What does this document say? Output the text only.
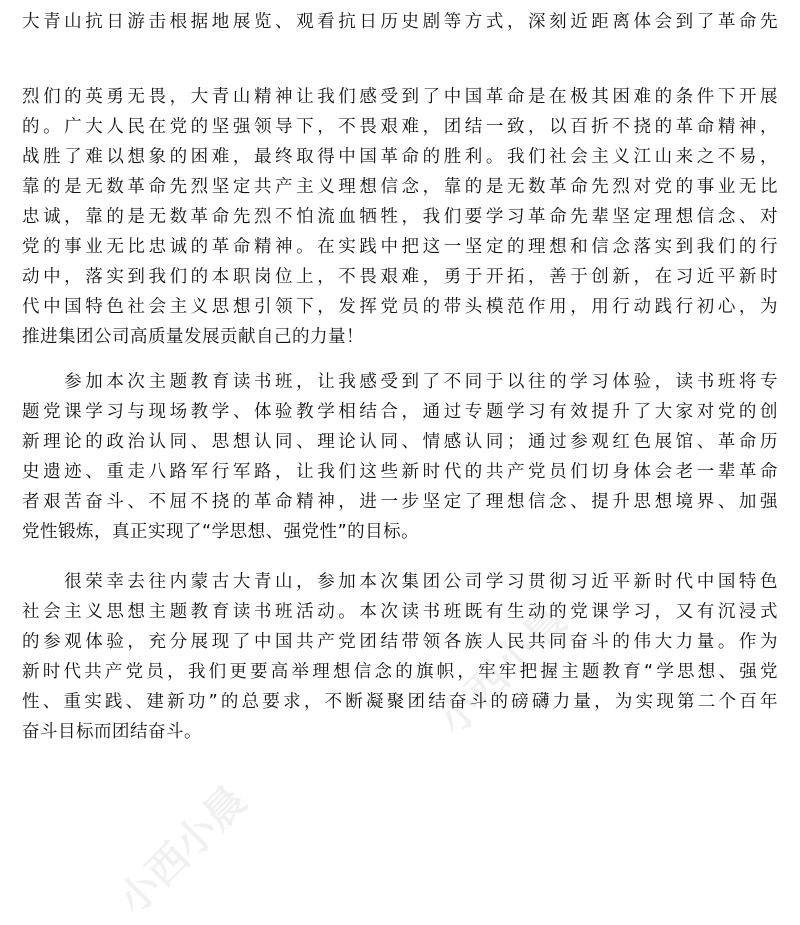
小西小晨
小西小晨
大青山抗日游击根据地展览、观看抗日历史剧等方式，深刻近距离体会到了革命先
烈们的英勇无畏，大青山精神让我们感受到了中国革命是在极其困难的条件下开展
的。广大人民在党的坚强领导下，不畏艰难，团结一致，以百折不挠的革命精神，
战胜了难以想象的困难，最终取得中国革命的胜利。我们社会主义江山来之不易，
靠的是无数革命先烈坚定共产主义理想信念，靠的是无数革命先烈对党的事业无比
忠诚，靠的是无数革命先烈不怕流血牺牲，我们要学习革命先辈坚定理想信念、对
党的事业无比忠诚的革命精神。在实践中把这一坚定的理想和信念落实到我们的行
动中，落实到我们的本职岗位上，不畏艰难，勇于开拓，善于创新，在习近平新时
代中国特色社会主义思想引领下，发挥党员的带头模范作用，用行动践行初心，为
推进集团公司高质量发展贡献自己的力量！
　　参加本次主题教育读书班，让我感受到了不同于以往的学习体验，读书班将专
题党课学习与现场教学、体验教学相结合，通过专题学习有效提升了大家对党的创
新理论的政治认同、思想认同、理论认同、情感认同；通过参观红色展馆、革命历
史遗迹、重走八路军行军路，让我们这些新时代的共产党员们切身体会老一辈革命
者艰苦奋斗、不屈不挠的革命精神，进一步坚定了理想信念、提升思想境界、加强
党性锻炼，真正实现了“学思想、强党性”的目标。
　　很荣幸去往内蒙古大青山，参加本次集团公司学习贯彻习近平新时代中国特色
社会主义思想主题教育读书班活动。本次读书班既有生动的党课学习，又有沉浸式
的参观体验，充分展现了中国共产党团结带领各族人民共同奋斗的伟大力量。作为
新时代共产党员，我们更要高举理想信念的旗帜，牢牢把握主题教育“学思想、强党
性、重实践、建新功”的总要求，不断凝聚团结奋斗的磅礴力量，为实现第二个百年
奋斗目标而团结奋斗。
